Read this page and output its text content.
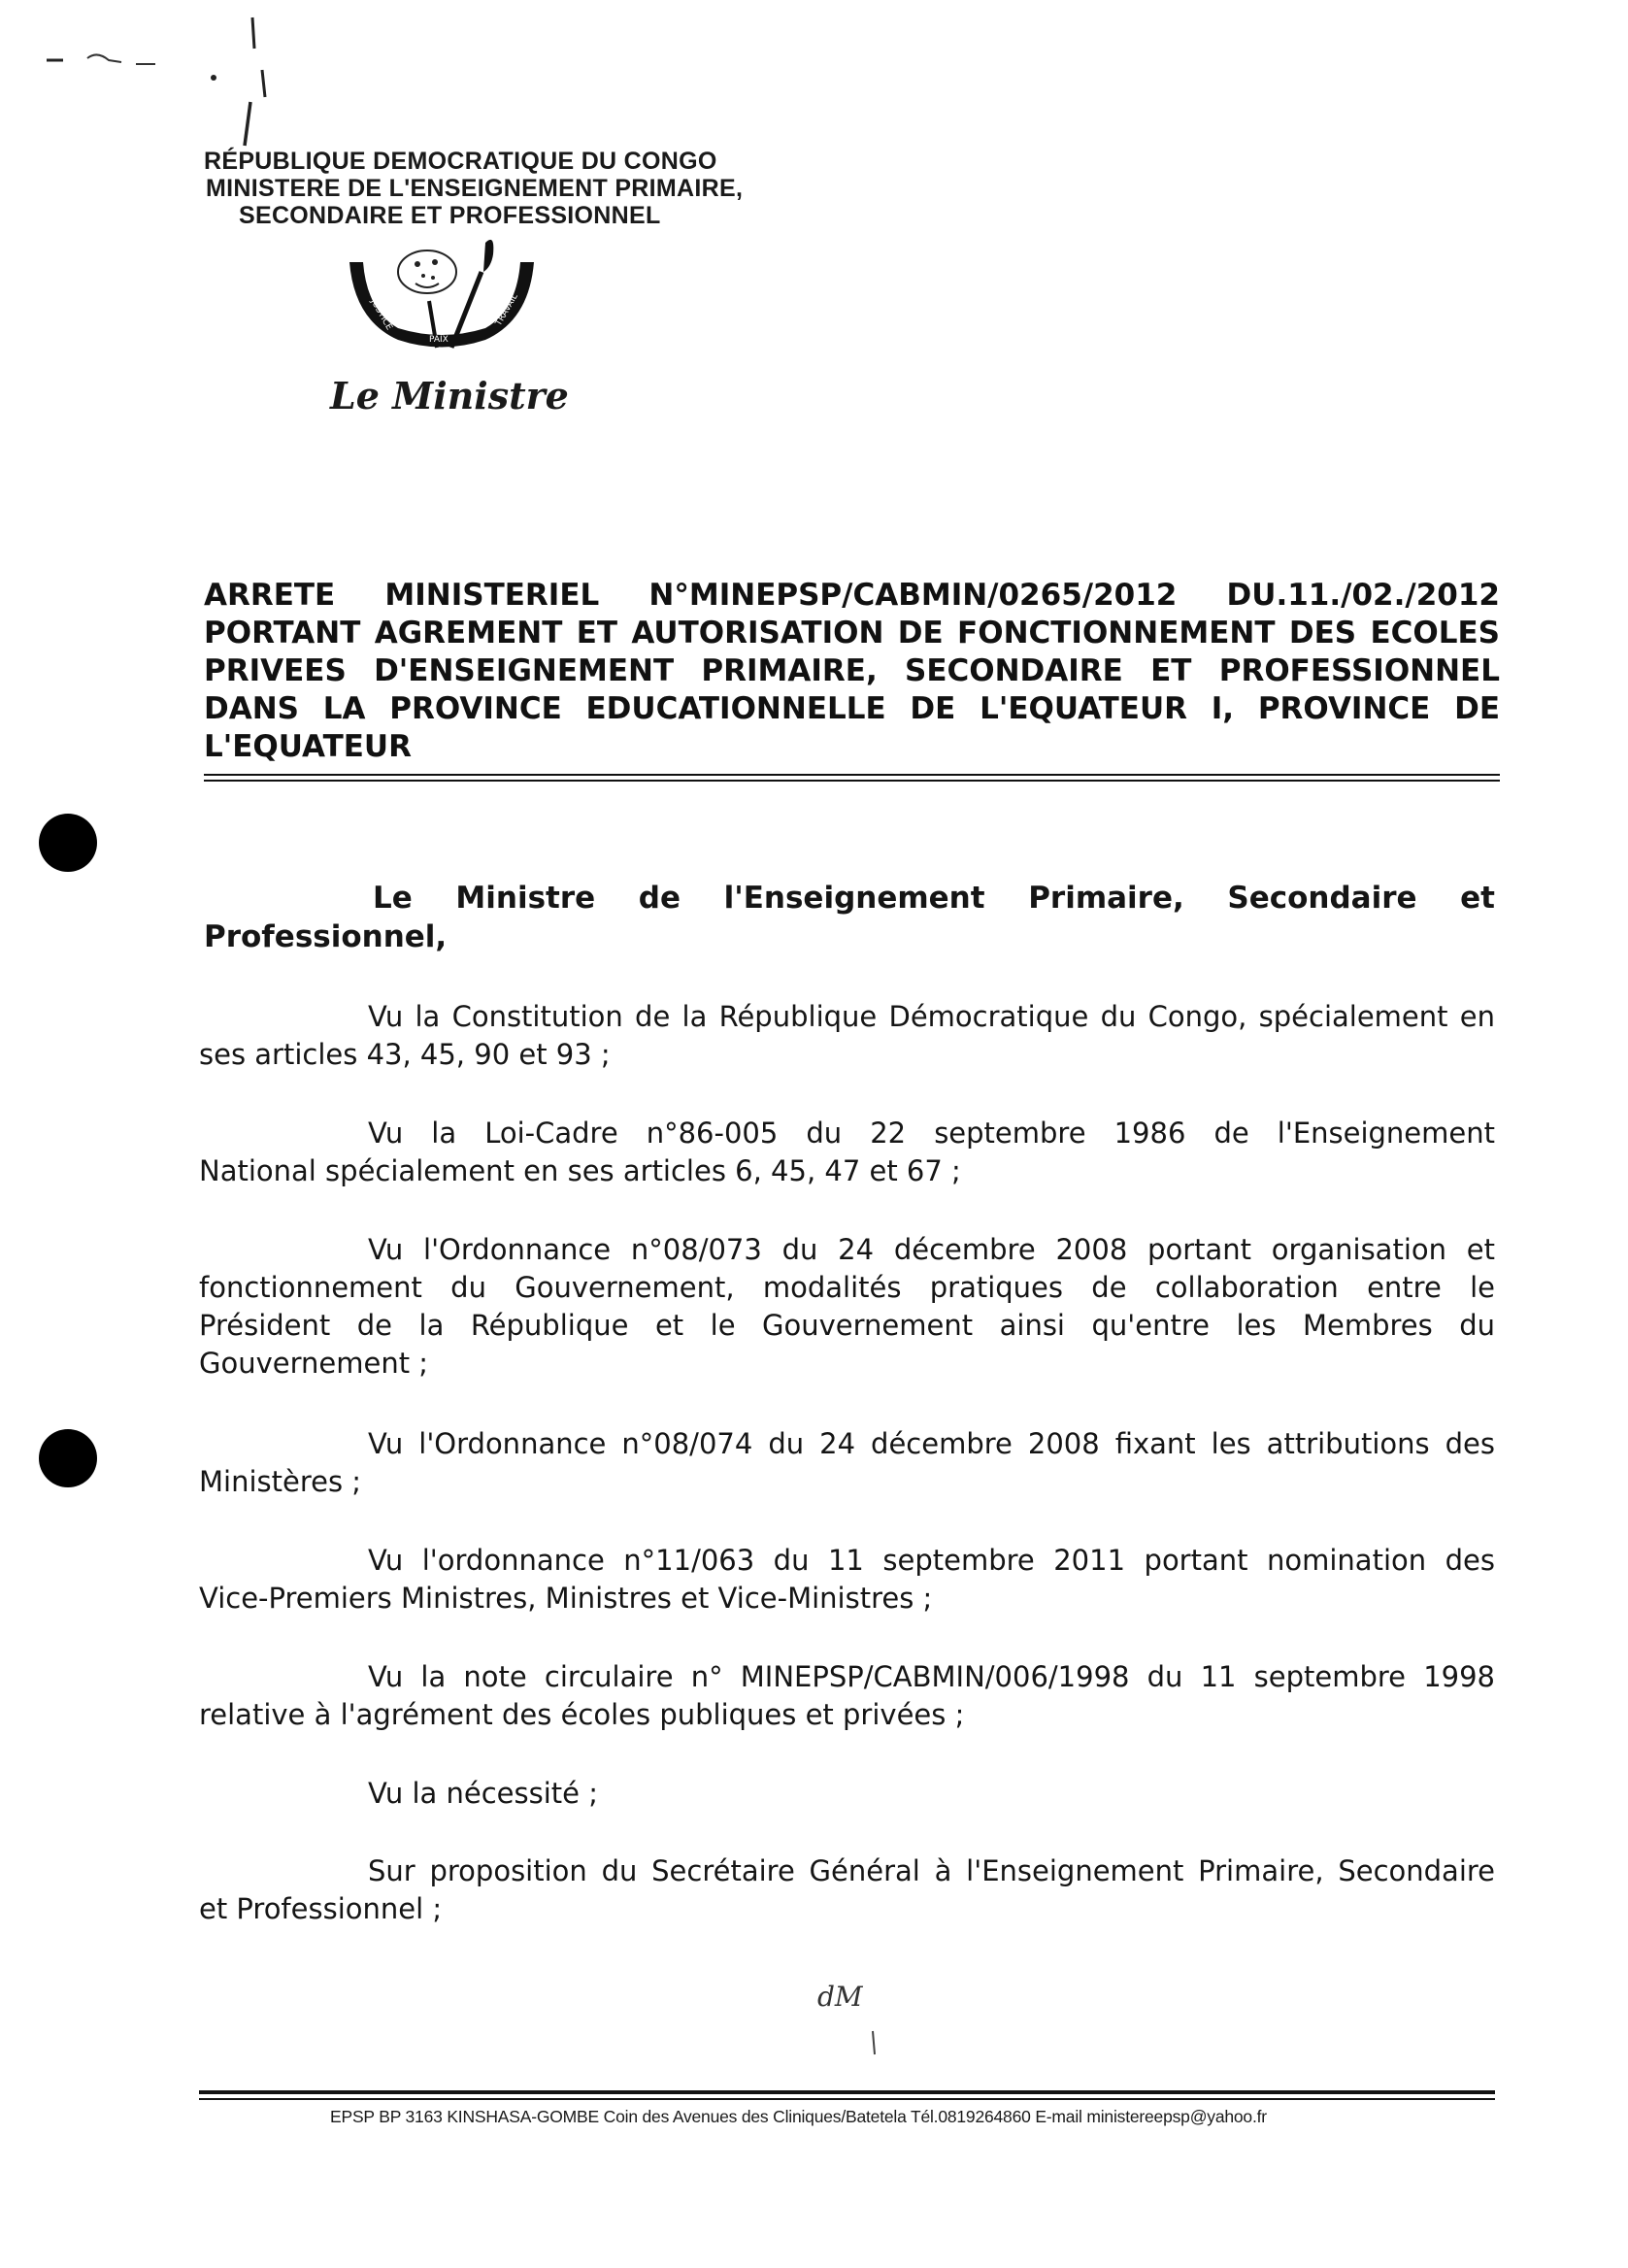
RÉPUBLIQUE DEMOCRATIQUE DU CONGO
MINISTERE DE L'ENSEIGNEMENT PRIMAIRE,
SECONDAIRE ET PROFESSIONNEL
JUSTICE
PAIX
TRAVAIL
Le Ministre
ARRETE MINISTERIEL N°MINEPSP/CABMIN/0265/2012 DU.11./02./2012
PORTANT AGREMENT ET AUTORISATION DE FONCTIONNEMENT DES ECOLES
PRIVEES D'ENSEIGNEMENT PRIMAIRE, SECONDAIRE ET PROFESSIONNEL
DANS LA PROVINCE EDUCATIONNELLE DE L'EQUATEUR I, PROVINCE DE
L'EQUATEUR
Le Ministre de l'Enseignement Primaire, Secondaire et
Professionnel,
Vu la Constitution de la République Démocratique du Congo, spécialement en
ses articles 43, 45, 90 et 93 ;
Vu la Loi-Cadre n°86-005 du 22 septembre 1986 de l'Enseignement
National spécialement en ses articles 6, 45, 47 et 67 ;
Vu l'Ordonnance n°08/073 du 24 décembre 2008 portant organisation et
fonctionnement du Gouvernement, modalités pratiques de collaboration entre le
Président de la République et le Gouvernement ainsi qu'entre les Membres du
Gouvernement ;
Vu l'Ordonnance n°08/074 du 24 décembre 2008 fixant les attributions des
Ministères ;
Vu l'ordonnance n°11/063 du 11 septembre 2011 portant nomination des
Vice-Premiers Ministres, Ministres et Vice-Ministres ;
Vu la note circulaire n° MINEPSP/CABMIN/006/1998 du 11 septembre 1998
relative à l'agrément des écoles publiques et privées ;
Vu la nécessité ;
Sur proposition du Secrétaire Général à l'Enseignement Primaire, Secondaire
et Professionnel ;
dM
EPSP BP 3163 KINSHASA-GOMBE Coin des Avenues des Cliniques/Batetela Tél.0819264860 E-mail ministereepsp@yahoo.fr
